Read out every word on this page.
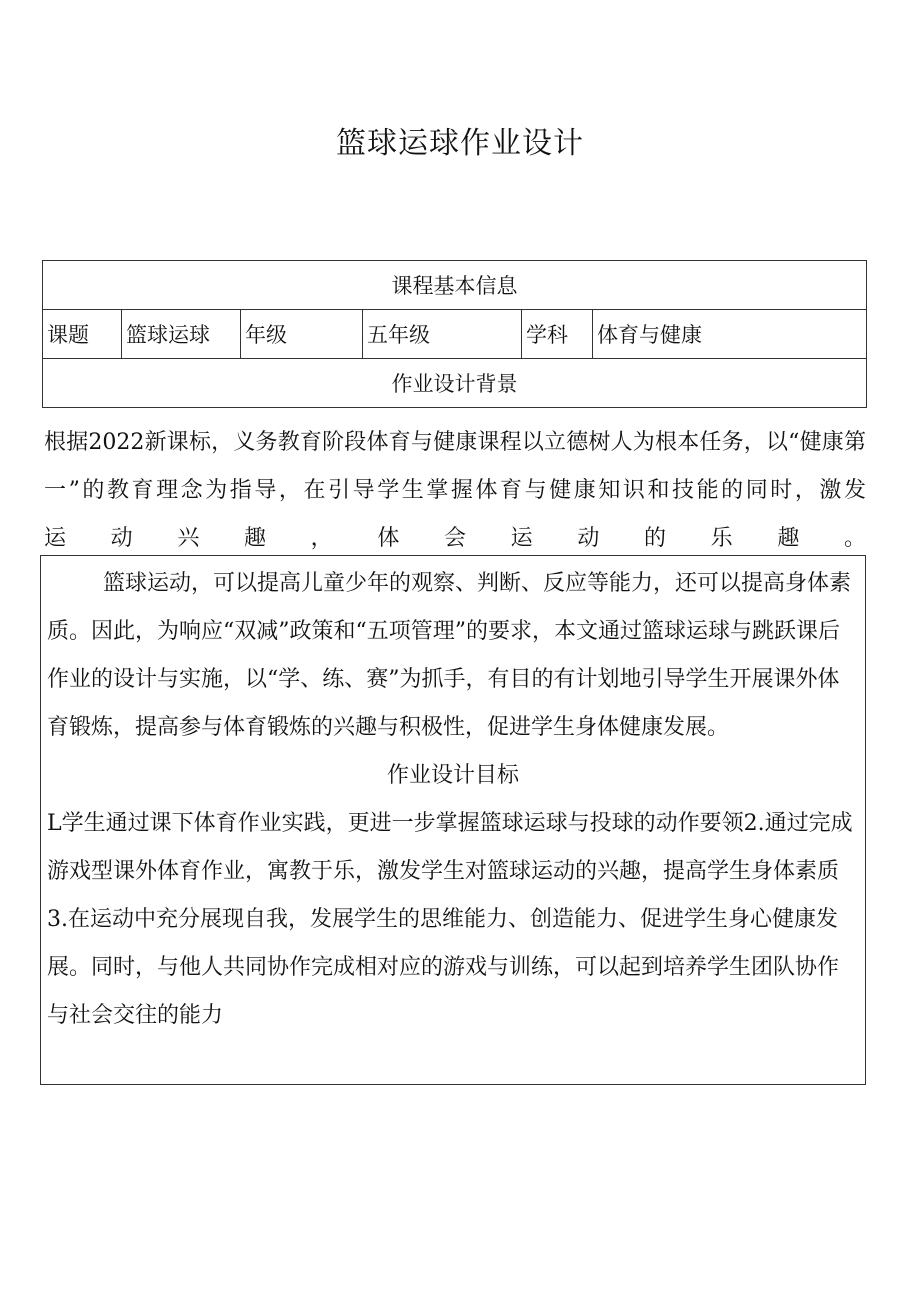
篮球运球作业设计
课程基本信息
课题	篮球运球	年级	五年级	学科	体育与健康
作业设计背景

根据2022新课标，义务教育阶段体育与健康课程以立德树人为根本任务，以“健康第一”的教育理念为指导，在引导学生掌握体育与健康知识和技能的同时，激发

运动兴趣，体会运动的乐趣。

篮球运动，可以提高儿童少年的观察、判断、反应等能力，还可以提高身体素质。因此，为响应“双减”政策和“五项管理”的要求，本文通过篮球运球与跳跃课后作业的设计与实施，以“学、练、赛”为抓手，有目的有计划地引导学生开展课外体育锻炼，提高参与体育锻炼的兴趣与积极性，促进学生身体健康发展。

作业设计目标

L学生通过课下体育作业实践，更进一步掌握篮球运球与投球的动作要领2.通过完成游戏型课外体育作业，寓教于乐，激发学生对篮球运动的兴趣，提高学生身体素质

3.在运动中充分展现自我，发展学生的思维能力、创造能力、促进学生身心健康发展。同时，与他人共同协作完成相对应的游戏与训练，可以起到培养学生团队协作与社会交往的能力
